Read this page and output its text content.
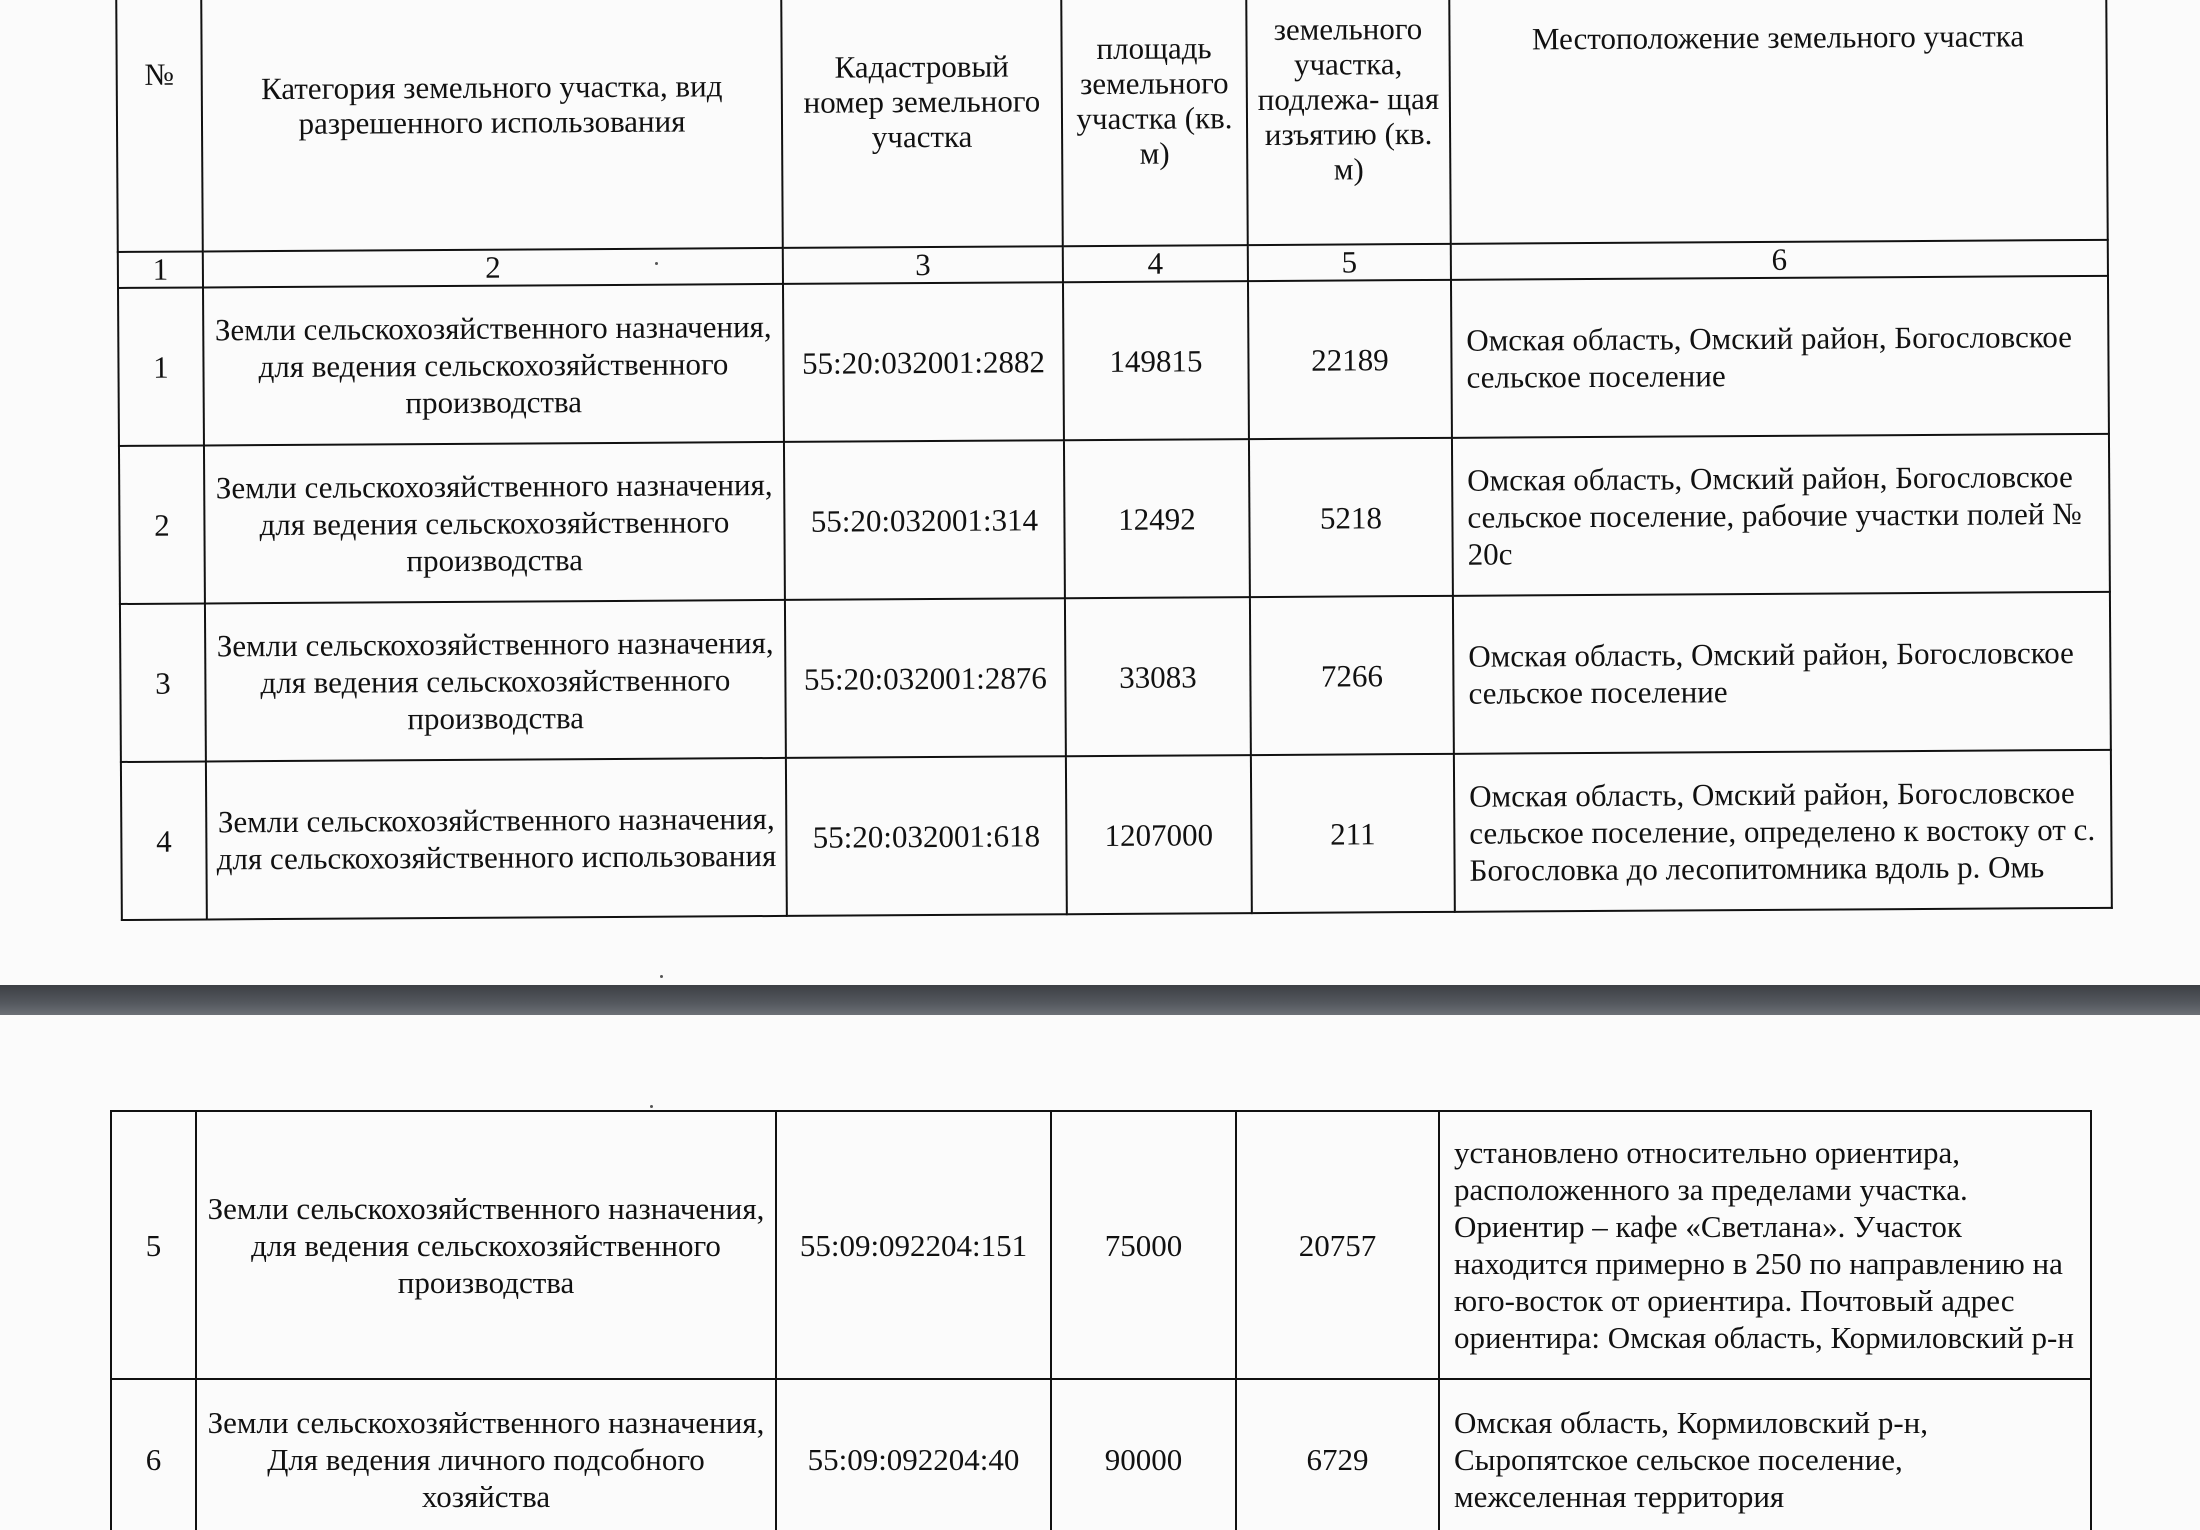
№	Категория земельного участка, вид разрешенного использования	Кадастровый номер земельного участка	площадь земельного участка (кв. м)	земельного участка, подлежа- щая изъятию (кв. м)	Местоположение земельного участка
1	2	3	4	5	6
1	Земли сельскохозяйственного назначения, для ведения сельскохозяйственного производства	55:20:032001:2882	149815	22189	Омская область, Омский район, Богословское сельское поселение
2	Земли сельскохозяйственного назначения, для ведения сельскохозяйственного производства	55:20:032001:314	12492	5218	Омская область, Омский район, Богословское сельское поселение, рабочие участки полей № 20с
3	Земли сельскохозяйственного назначения, для ведения сельскохозяйственного производства	55:20:032001:2876	33083	7266	Омская область, Омский район, Богословское сельское поселение
4	Земли сельскохозяйственного назначения, для сельскохозяйственного использования	55:20:032001:618	1207000	211	Омская область, Омский район, Богословское сельское поселение, определено к востоку от с. Богословка до лесопитомника вдоль р. Омь
5	Земли сельскохозяйственного назначения, для ведения сельскохозяйственного производства	55:09:092204:151	75000	20757	установлено относительно ориентира, расположенного за пределами участка. Ориентир – кафе «Светлана». Участок находится примерно в 250 по направлению на юго-восток от ориентира. Почтовый адрес ориентира: Омская область, Кормиловский р-н
6	Земли сельскохозяйственного назначения, Для ведения личного подсобного хозяйства	55:09:092204:40	90000	6729	Омская область, Кормиловский р-н, Сыропятское сельское поселение, межселенная территория
